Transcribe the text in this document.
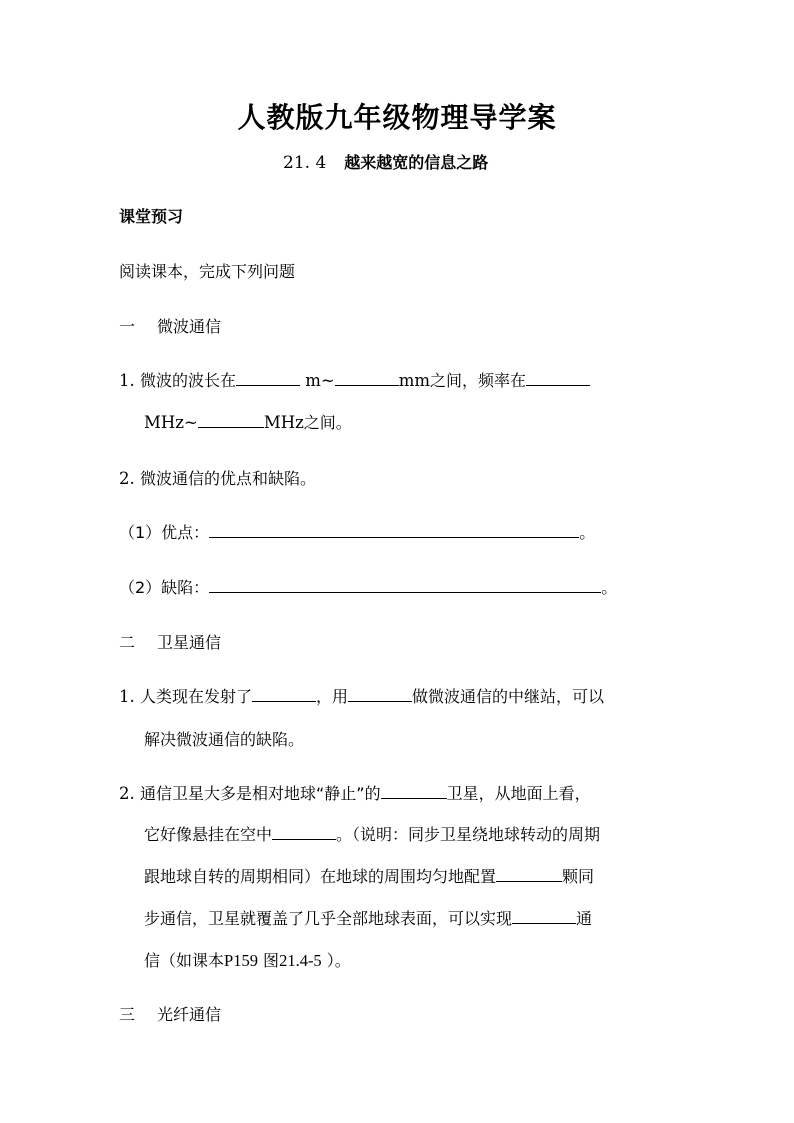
人教版九年级物理导学案
21. 4 越来越宽的信息之路
课堂预习
阅读课本，完成下列问题
一 微波通信
1. 微波的波长在	m~	mm之间，频率在
MHz~	MHz之间。
2. 微波通信的优点和缺陷。
（1）优点：	。
（2）缺陷：	。
二 卫星通信
1. 人类现在发射了	，用	做微波通信的中继站，可以
解决微波通信的缺陷。
2. 通信卫星大多是相对地球“静止”的	卫星，从地面上看，
它好像悬挂在空中	。（说明：同步卫星绕地球转动的周期
跟地球自转的周期相同）在地球的周围均匀地配置	颗同
步通信，卫星就覆盖了几乎全部地球表面，可以实现	通
信（如课本P159 图21.4-5 ）。
三 光纤通信
